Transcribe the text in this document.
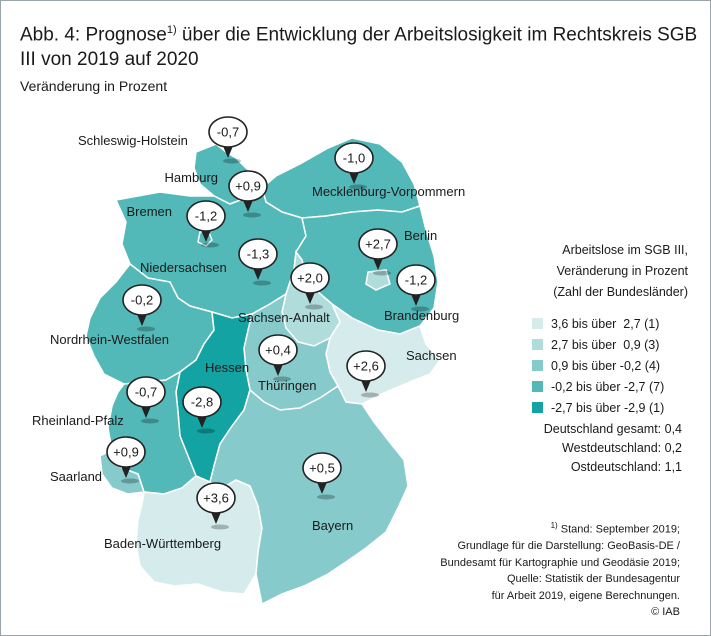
Abb. 4: Prognose$^{1)}$ über die Entwicklung der Arbeitslosigkeit im Rechtskreis SGB III von 2019 auf 2020
Veränderung in Prozent
-0,7
+0,9
-1,0
-1,2
-1,3
+2,7
-1,2
+2,0
-0,2
+2,6
-2,8
+0,4
-0,7
+0,9
+3,6
+0,5
Schleswig-Holstein
Hamburg
Mecklenburg-Vorpommern
Bremen
Niedersachsen
Berlin
Brandenburg
Sachsen-Anhalt
Nordrhein-Westfalen
Sachsen
Hessen
Thüringen
Rheinland-Pfalz
Saarland
Baden-Württemberg
Bayern
Arbeitslose im SGB III,
Veränderung in Prozent
(Zahl der Bundesländer)
3,6 bis über  2,7 (1)
2,7 bis über  0,9 (3)
0,9 bis über -0,2 (4)
-0,2 bis über -2,7 (7)
-2,7 bis über -2,9 (1)
Deutschland gesamt: 0,4
Westdeutschland: 0,2
Ostdeutschland: 1,1
$^{1)}$ Stand: September 2019;
Grundlage für die Darstellung: GeoBasis-DE /
Bundesamt für Kartographie und Geodäsie 2019;
Quelle: Statistik der Bundesagentur
für Arbeit 2019, eigene Berechnungen.
© IAB
